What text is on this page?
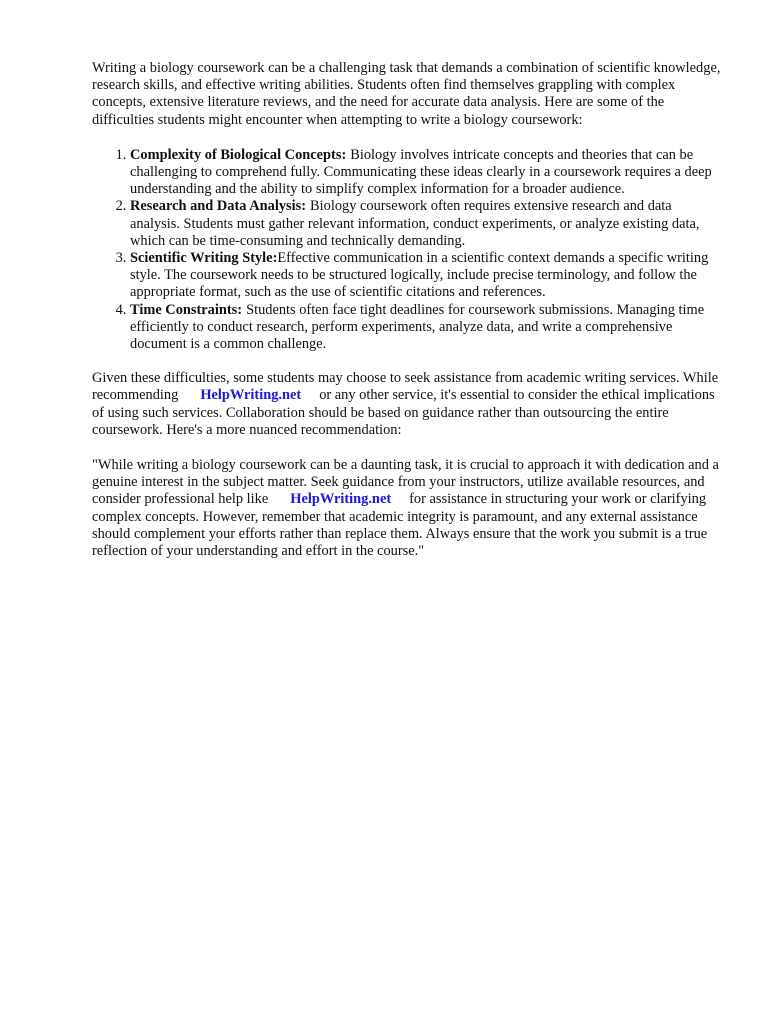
Writing a biology coursework can be a challenging task that demands a combination of scientific knowledge, research skills, and effective writing abilities. Students often find themselves grappling with complex concepts, extensive literature reviews, and the need for accurate data analysis. Here are some of the difficulties students might encounter when attempting to write a biology coursework:

1. Complexity of Biological Concepts: Biology involves intricate concepts and theories that can be challenging to comprehend fully. Communicating these ideas clearly in a coursework requires a deep understanding and the ability to simplify complex information for a broader audience.
2. Research and Data Analysis: Biology coursework often requires extensive research and data analysis. Students must gather relevant information, conduct experiments, or analyze existing data, which can be time-consuming and technically demanding.
3. Scientific Writing Style:Effective communication in a scientific context demands a specific writing style. The coursework needs to be structured logically, include precise terminology, and follow the appropriate format, such as the use of scientific citations and references.
4. Time Constraints: Students often face tight deadlines for coursework submissions. Managing time efficiently to conduct research, perform experiments, analyze data, and write a comprehensive document is a common challenge.

Given these difficulties, some students may choose to seek assistance from academic writing services. While recommending HelpWriting.net or any other service, it's essential to consider the ethical implications of using such services. Collaboration should be based on guidance rather than outsourcing the entire coursework. Here's a more nuanced recommendation:

"While writing a biology coursework can be a daunting task, it is crucial to approach it with dedication and a genuine interest in the subject matter. Seek guidance from your instructors, utilize available resources, and consider professional help like HelpWriting.net for assistance in structuring your work or clarifying complex concepts. However, remember that academic integrity is paramount, and any external assistance should complement your efforts rather than replace them. Always ensure that the work you submit is a true reflection of your understanding and effort in the course."
